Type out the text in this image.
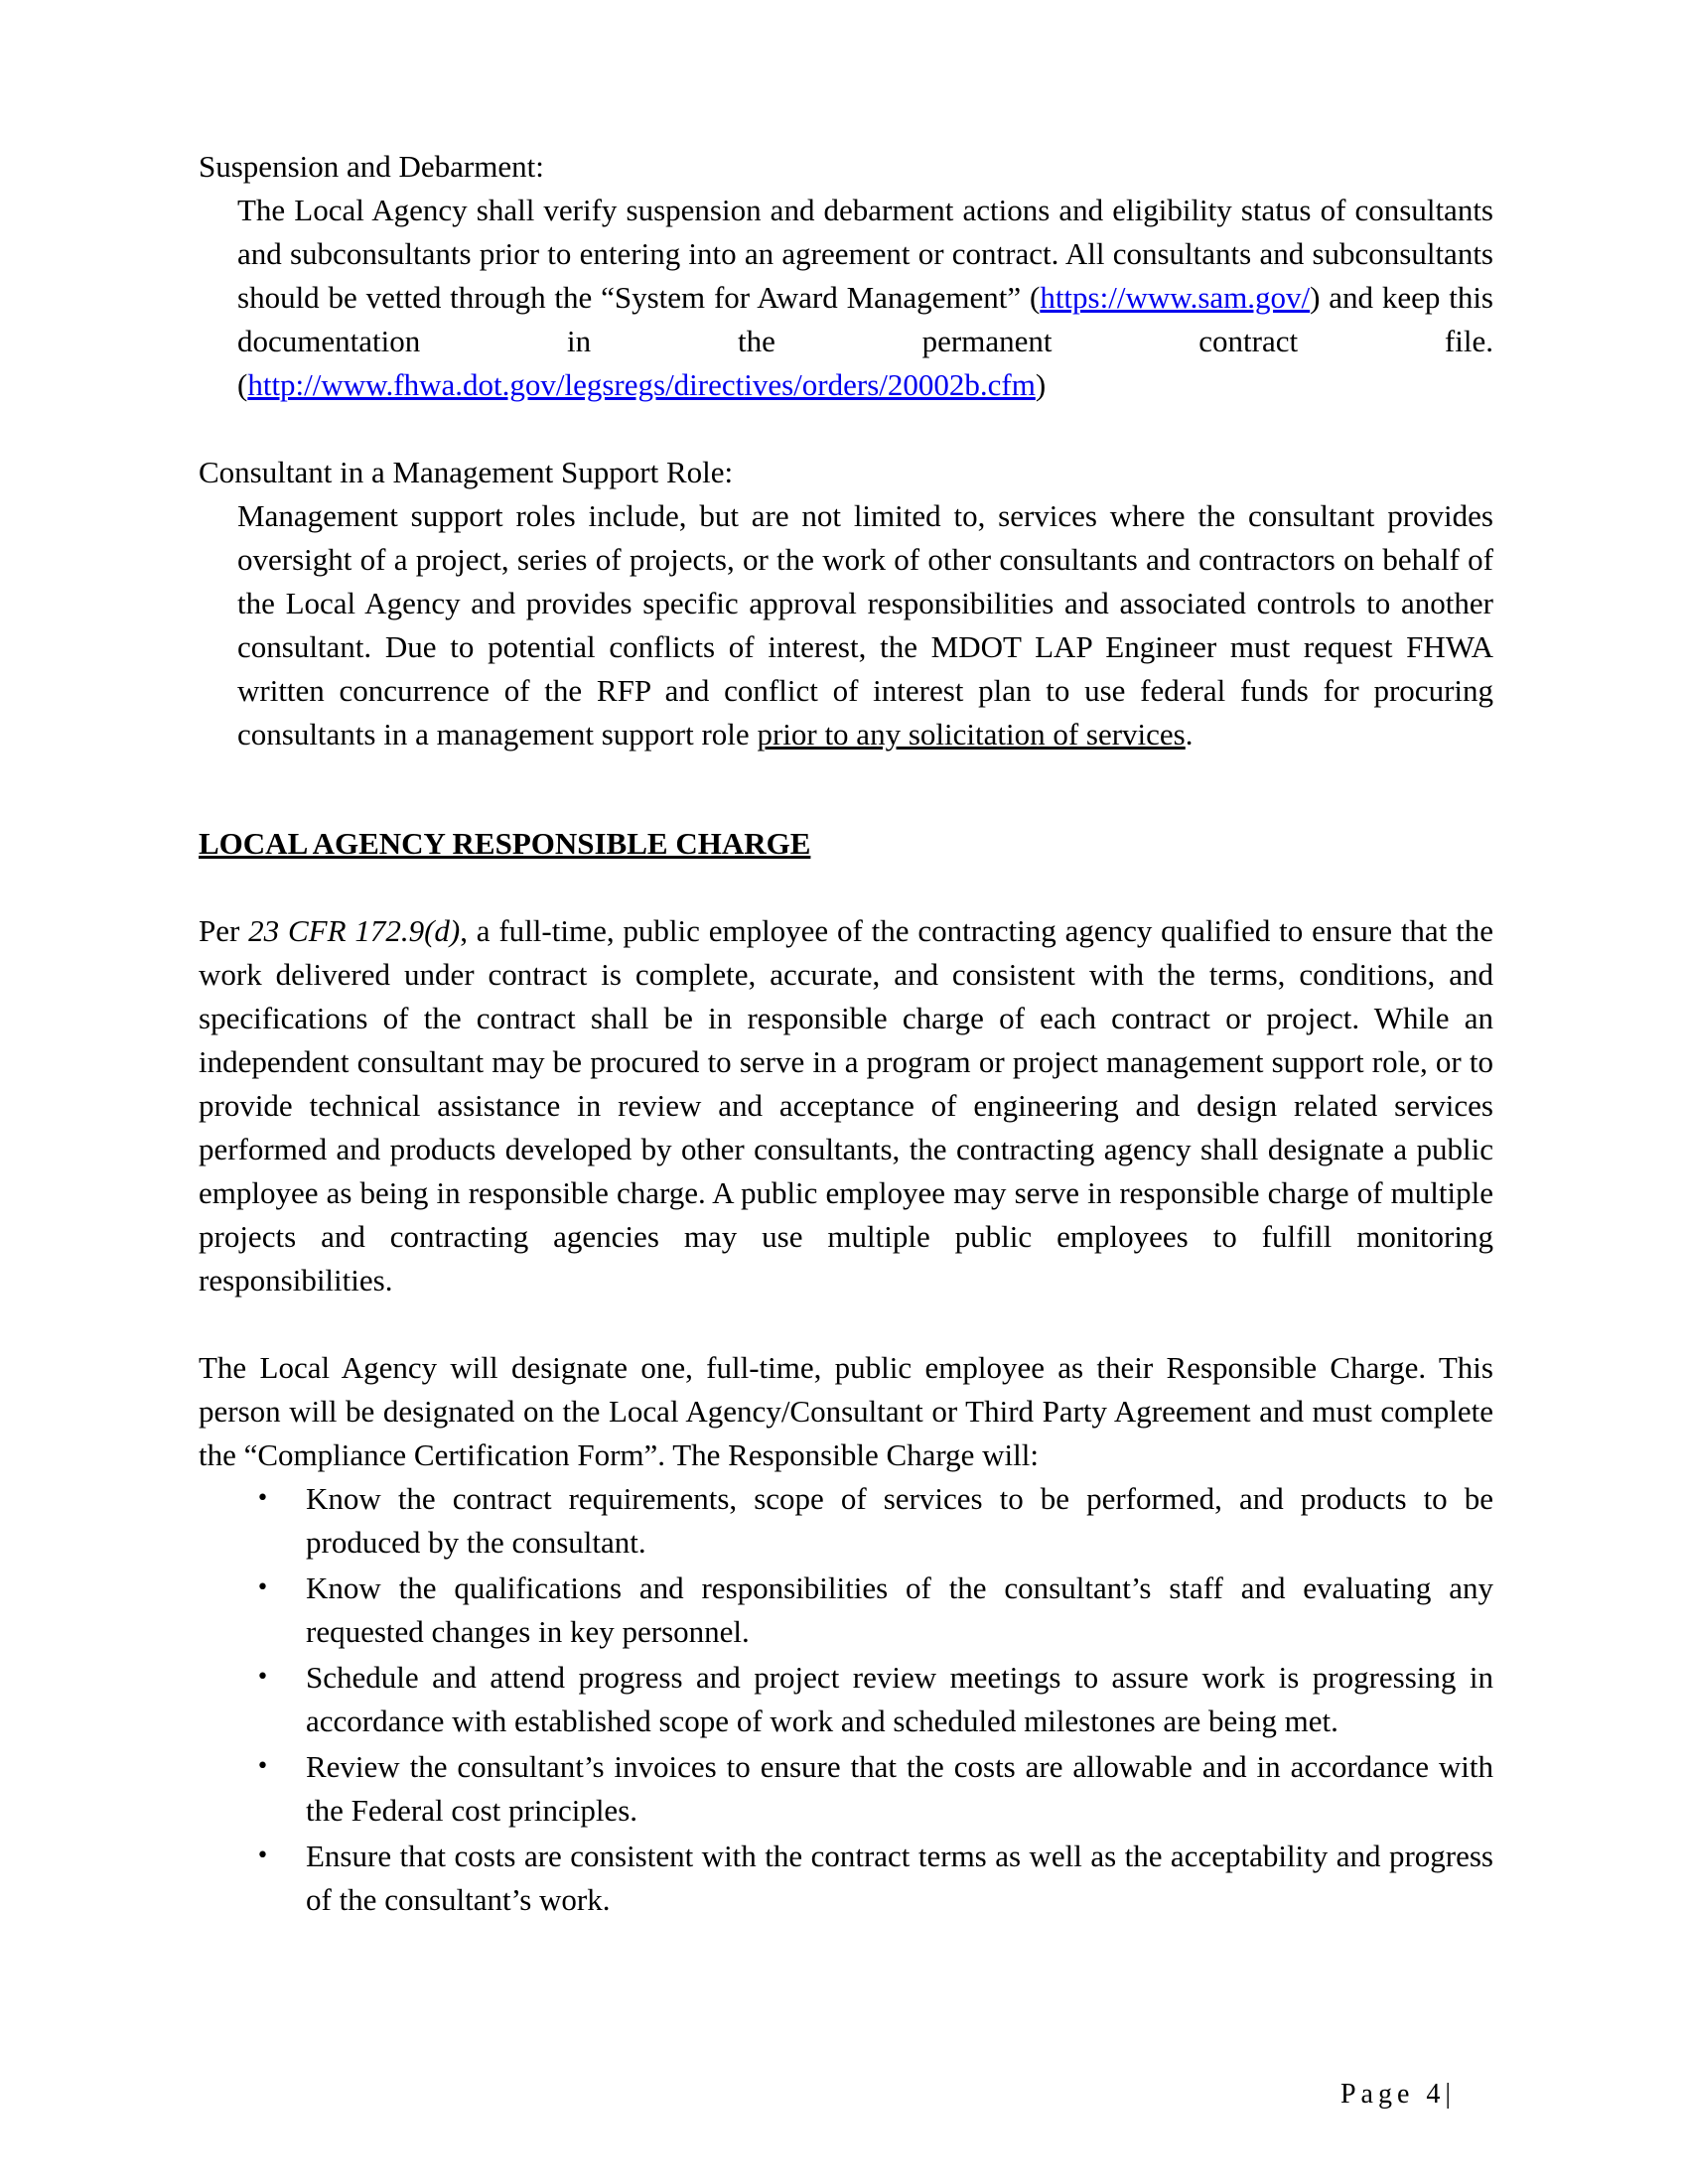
Suspension and Debarment:

The Local Agency shall verify suspension and debarment actions and eligibility status of consultants and subconsultants prior to entering into an agreement or contract. All consultants and subconsultants should be vetted through the “System for Award Management” (https://www.sam.gov/) and keep this documentation in the permanent contract file. (http://www.fhwa.dot.gov/legsregs/directives/orders/20002b.cfm)

Consultant in a Management Support Role:

Management support roles include, but are not limited to, services where the consultant provides oversight of a project, series of projects, or the work of other consultants and contractors on behalf of the Local Agency and provides specific approval responsibilities and associated controls to another consultant. Due to potential conflicts of interest, the MDOT LAP Engineer must request FHWA written concurrence of the RFP and conflict of interest plan to use federal funds for procuring consultants in a management support role prior to any solicitation of services.

LOCAL AGENCY RESPONSIBLE CHARGE

Per 23 CFR 172.9(d), a full-time, public employee of the contracting agency qualified to ensure that the work delivered under contract is complete, accurate, and consistent with the terms, conditions, and specifications of the contract shall be in responsible charge of each contract or project. While an independent consultant may be procured to serve in a program or project management support role, or to provide technical assistance in review and acceptance of engineering and design related services performed and products developed by other consultants, the contracting agency shall designate a public employee as being in responsible charge. A public employee may serve in responsible charge of multiple projects and contracting agencies may use multiple public employees to fulfill monitoring responsibilities.

The Local Agency will designate one, full-time, public employee as their Responsible Charge. This person will be designated on the Local Agency/Consultant or Third Party Agreement and must complete the “Compliance Certification Form”. The Responsible Charge will:

• Know the contract requirements, scope of services to be performed, and products to be produced by the consultant.
• Know the qualifications and responsibilities of the consultant’s staff and evaluating any requested changes in key personnel.
• Schedule and attend progress and project review meetings to assure work is progressing in accordance with established scope of work and scheduled milestones are being met.
• Review the consultant’s invoices to ensure that the costs are allowable and in accordance with the Federal cost principles.
• Ensure that costs are consistent with the contract terms as well as the acceptability and progress of the consultant’s work.
Page 4|
